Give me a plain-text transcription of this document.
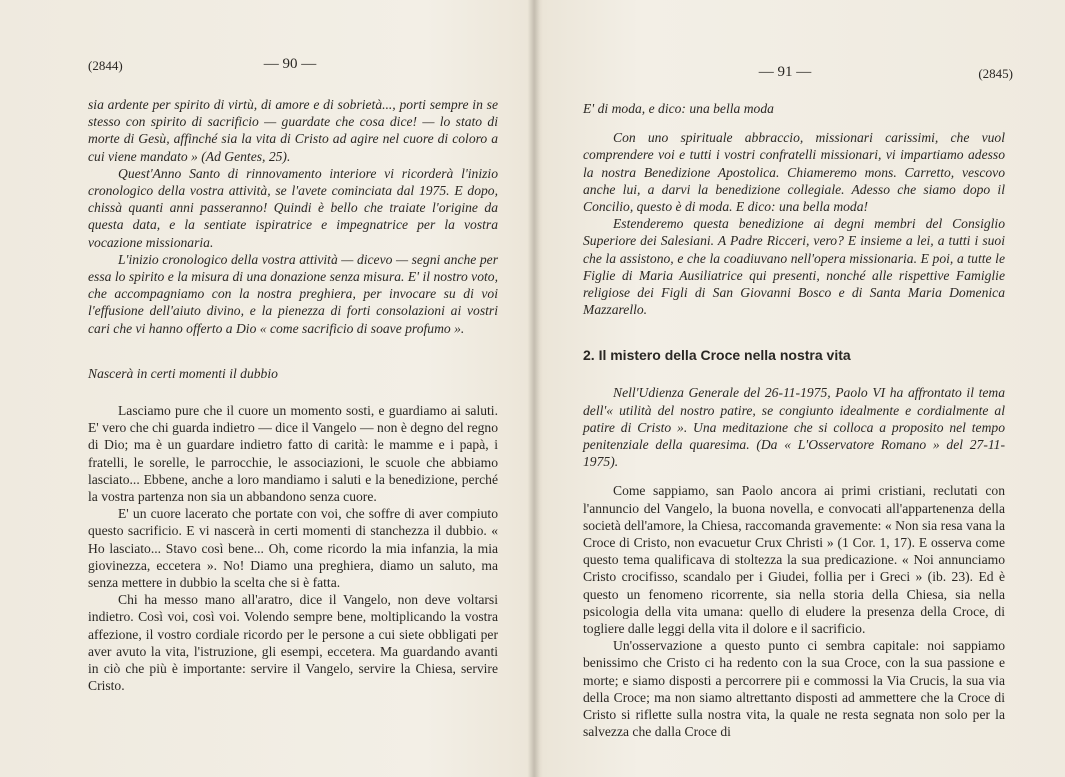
(2844)	— 90 —

sia ardente per spirito di virtù, di amore e di sobrietà..., porti sempre in se stesso con spirito di sacrificio — guardate che cosa dice! — lo stato di morte di Gesù, affinché sia la vita di Cristo ad agire nel cuore di coloro a cui viene mandato » (Ad Gentes, 25).

Quest'Anno Santo di rinnovamento interiore vi ricorderà l'inizio cronologico della vostra attività, se l'avete cominciata dal 1975. E dopo, chissà quanti anni passeranno! Quindi è bello che traiate l'origine da questa data, e la sentiate ispiratrice e impegnatrice per la vostra vocazione missionaria.

L'inizio cronologico della vostra attività — dicevo — segni anche per essa lo spirito e la misura di una donazione senza misura. E' il nostro voto, che accompagniamo con la nostra preghiera, per invocare su di voi l'effusione dell'aiuto divino, e la pienezza di forti consolazioni ai vostri cari che vi hanno offerto a Dio « come sacrificio di soave profumo ».

Nascerà in certi momenti il dubbio

Lasciamo pure che il cuore un momento sosti, e guardiamo ai saluti. E' vero che chi guarda indietro — dice il Vangelo — non è degno del regno di Dio; ma è un guardare indietro fatto di carità: le mamme e i papà, i fratelli, le sorelle, le parrocchie, le associazioni, le scuole che abbiamo lasciato... Ebbene, anche a loro mandiamo i saluti e la benedizione, perché la vostra partenza non sia un abbandono senza cuore.

E' un cuore lacerato che portate con voi, che soffre di aver compiuto questo sacrificio. E vi nascerà in certi momenti di stanchezza il dubbio. « Ho lasciato... Stavo così bene... Oh, come ricordo la mia infanzia, la mia giovinezza, eccetera ». No! Diamo una preghiera, diamo un saluto, ma senza mettere in dubbio la scelta che si è fatta.

Chi ha messo mano all'aratro, dice il Vangelo, non deve voltarsi indietro. Così voi, così voi. Volendo sempre bene, moltiplicando la vostra affezione, il vostro cordiale ricordo per le persone a cui siete obbligati per aver avuto la vita, l'istruzione, gli esempi, eccetera. Ma guardando avanti in ciò che più è importante: servire il Vangelo, servire la Chiesa, servire Cristo.

— 91 —	(2845)

E' di moda, e dico: una bella moda

Con uno spirituale abbraccio, missionari carissimi, che vuol comprendere voi e tutti i vostri confratelli missionari, vi impartiamo adesso la nostra Benedizione Apostolica. Chiameremo mons. Carretto, vescovo anche lui, a darvi la benedizione collegiale. Adesso che siamo dopo il Concilio, questo è di moda. E dico: una bella moda!

Estenderemo questa benedizione ai degni membri del Consiglio Superiore dei Salesiani. A Padre Ricceri, vero? E insieme a lei, a tutti i suoi che la assistono, e che la coadiuvano nell'opera missionaria. E poi, a tutte le Figlie di Maria Ausiliatrice qui presenti, nonché alle rispettive Famiglie religiose dei Figli di San Giovanni Bosco e di Santa Maria Domenica Mazzarello.

2. Il mistero della Croce nella nostra vita

Nell'Udienza Generale del 26-11-1975, Paolo VI ha affrontato il tema dell'« utilità del nostro patire, se congiunto idealmente e cordialmente al patire di Cristo ». Una meditazione che si colloca a proposito nel tempo penitenziale della quaresima. (Da « L'Osservatore Romano » del 27-11-1975).

Come sappiamo, san Paolo ancora ai primi cristiani, reclutati con l'annuncio del Vangelo, la buona novella, e convocati all'appartenenza della società dell'amore, la Chiesa, raccomanda gravemente: « Non sia resa vana la Croce di Cristo, non evacuetur Crux Christi » (1 Cor. 1, 17). E osserva come questo tema qualificava di stoltezza la sua predicazione. « Noi annunciamo Cristo crocifisso, scandalo per i Giudei, follia per i Greci » (ib. 23). Ed è questo un fenomeno ricorrente, sia nella storia della Chiesa, sia nella psicologia della vita umana: quello di eludere la presenza della Croce, di togliere dalle leggi della vita il dolore e il sacrificio.

Un'osservazione a questo punto ci sembra capitale: noi sappiamo benissimo che Cristo ci ha redento con la sua Croce, con la sua passione e morte; e siamo disposti a percorrere pii e commossi la Via Crucis, la sua via della Croce; ma non siamo altrettanto disposti ad ammettere che la Croce di Cristo si riflette sulla nostra vita, la quale ne resta segnata non solo per la salvezza che dalla Croce di
